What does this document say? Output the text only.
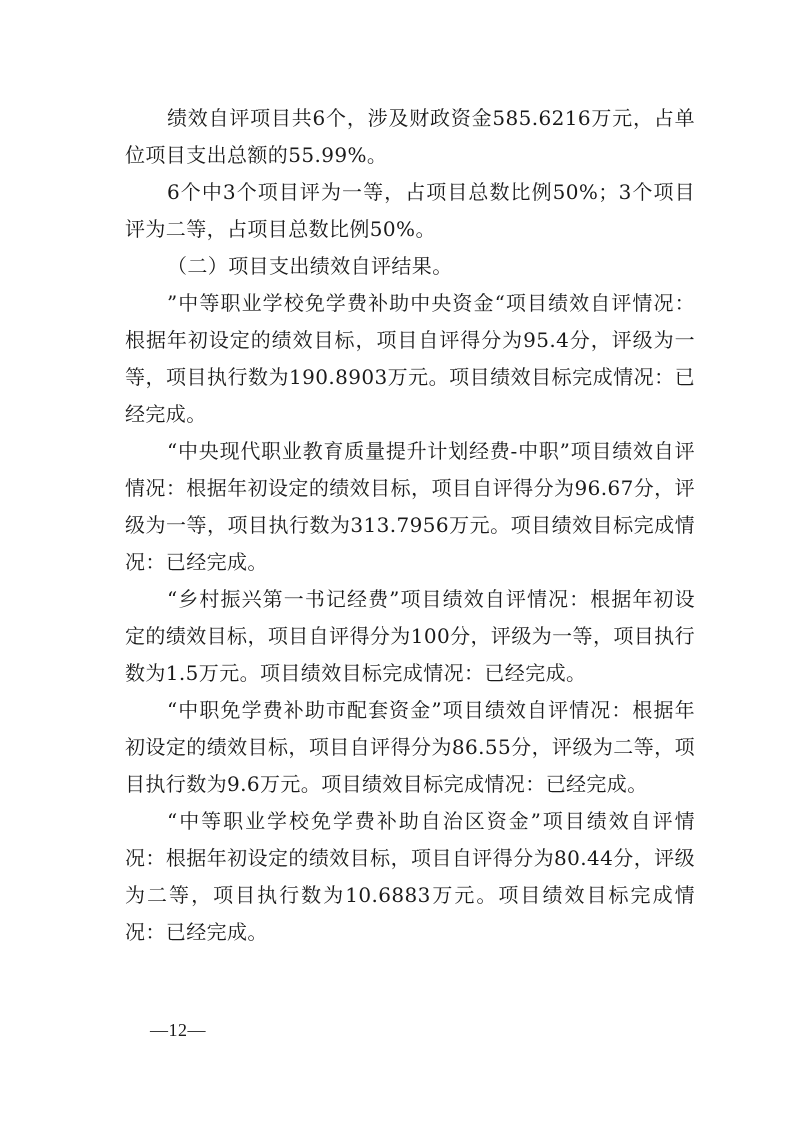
绩效自评项目共6个，涉及财政资金585.6216万元，占单位项目支出总额的55.99%。

6个中3个项目评为一等，占项目总数比例50%；3个项目评为二等，占项目总数比例50%。

（二）项目支出绩效自评结果。

”中等职业学校免学费补助中央资金“项目绩效自评情况：根据年初设定的绩效目标，项目自评得分为95.4分，评级为一等，项目执行数为190.8903万元。项目绩效目标完成情况：已经完成。

“中央现代职业教育质量提升计划经费-中职”项目绩效自评情况：根据年初设定的绩效目标，项目自评得分为96.67分，评级为一等，项目执行数为313.7956万元。项目绩效目标完成情况：已经完成。

“乡村振兴第一书记经费”项目绩效自评情况：根据年初设定的绩效目标，项目自评得分为100分，评级为一等，项目执行数为1.5万元。项目绩效目标完成情况：已经完成。

“中职免学费补助市配套资金”项目绩效自评情况：根据年初设定的绩效目标，项目自评得分为86.55分，评级为二等，项目执行数为9.6万元。项目绩效目标完成情况：已经完成。

“中等职业学校免学费补助自治区资金”项目绩效自评情况：根据年初设定的绩效目标，项目自评得分为80.44分，评级为二等，项目执行数为10.6883万元。项目绩效目标完成情况：已经完成。

—12—
